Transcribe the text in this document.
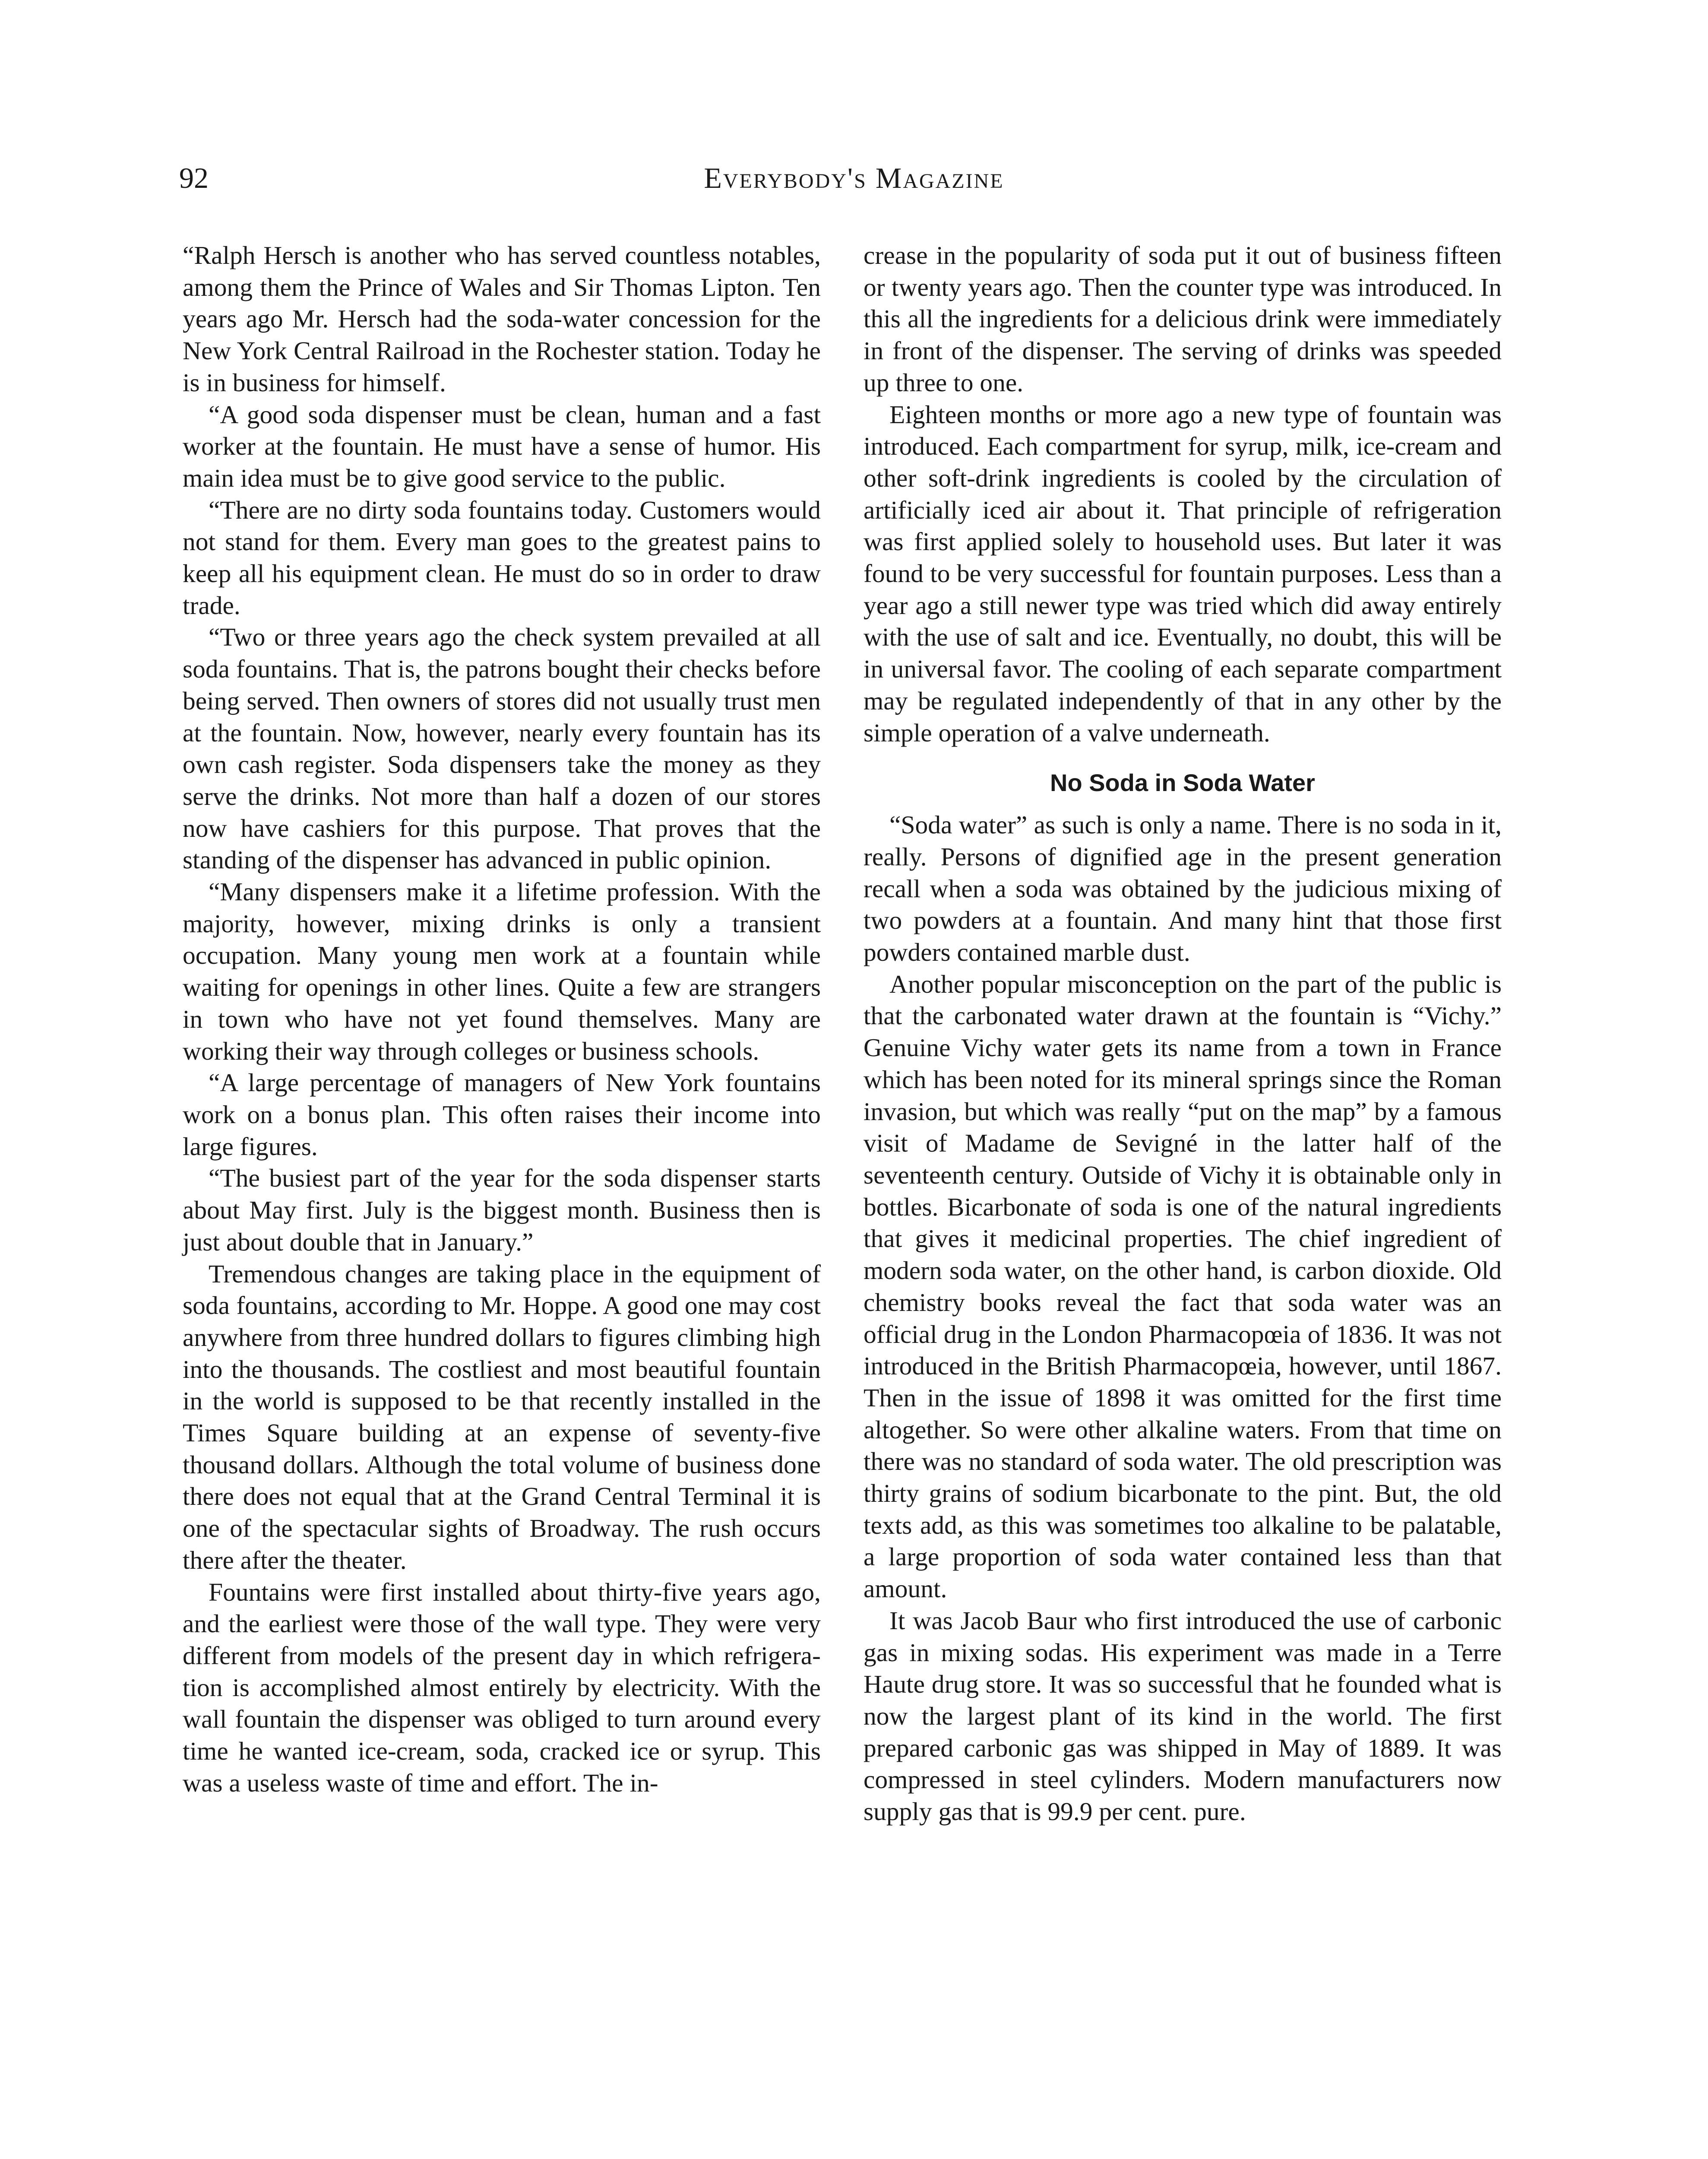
92	Everybody's Magazine

“Ralph Hersch is another who has served countless notables, among them the Prince of Wales and Sir Thomas Lipton. Ten years ago Mr. Hersch had the soda-water concession for the New York Central Railroad in the Rochester station. Today he is in business for himself.

“A good soda dispenser must be clean, human and a fast worker at the fountain. He must have a sense of humor. His main idea must be to give good service to the public.

“There are no dirty soda fountains today. Customers would not stand for them. Every man goes to the greatest pains to keep all his equipment clean. He must do so in order to draw trade.

“Two or three years ago the check system prevailed at all soda fountains. That is, the patrons bought their checks before being served. Then owners of stores did not usually trust men at the fountain. Now, however, nearly every fountain has its own cash register. Soda dispensers take the money as they serve the drinks. Not more than half a dozen of our stores now have cashiers for this purpose. That proves that the standing of the dispenser has advanced in public opinion.

“Many dispensers make it a lifetime profession. With the majority, however, mixing drinks is only a transient occupation. Many young men work at a fountain while waiting for openings in other lines. Quite a few are strangers in town who have not yet found themselves. Many are working their way through colleges or business schools.

“A large percentage of managers of New York fountains work on a bonus plan. This often raises their income into large figures.

“The busiest part of the year for the soda dispenser starts about May first. July is the biggest month. Business then is just about double that in January.”

Tremendous changes are taking place in the equipment of soda fountains, according to Mr. Hoppe. A good one may cost anywhere from three hundred dollars to figures climbing high into the thousands. The costliest and most beautiful fountain in the world is supposed to be that recently installed in the Times Square building at an expense of seventy-five thousand dollars. Although the total volume of business done there does not equal that at the Grand Central Terminal it is one of the spectacular sights of Broadway. The rush occurs there after the theater.

Fountains were first installed about thirty-five years ago, and the earliest were those of the wall type. They were very different from models of the present day in which refrigeration is accomplished almost entirely by electricity. With the wall fountain the dispenser was obliged to turn around every time he wanted ice-cream, soda, cracked ice or syrup. This was a useless waste of time and effort. The in-

crease in the popularity of soda put it out of business fifteen or twenty years ago. Then the counter type was introduced. In this all the ingredients for a delicious drink were immediately in front of the dispenser. The serving of drinks was speeded up three to one.

Eighteen months or more ago a new type of fountain was introduced. Each compartment for syrup, milk, ice-cream and other soft-drink ingredients is cooled by the circulation of artificially iced air about it. That principle of refrigeration was first applied solely to household uses. But later it was found to be very successful for fountain purposes. Less than a year ago a still newer type was tried which did away entirely with the use of salt and ice. Eventually, no doubt, this will be in universal favor. The cooling of each separate compartment may be regulated independently of that in any other by the simple operation of a valve underneath.

No Soda in Soda Water

“Soda water” as such is only a name. There is no soda in it, really. Persons of dignified age in the present generation recall when a soda was obtained by the judicious mixing of two powders at a fountain. And many hint that those first powders contained marble dust.

Another popular misconception on the part of the public is that the carbonated water drawn at the fountain is “Vichy.” Genuine Vichy water gets its name from a town in France which has been noted for its mineral springs since the Roman invasion, but which was really “put on the map” by a famous visit of Madame de Sevigné in the latter half of the seventeenth century. Outside of Vichy it is obtainable only in bottles. Bicarbonate of soda is one of the natural ingredients that gives it medicinal properties. The chief ingredient of modern soda water, on the other hand, is carbon dioxide. Old chemistry books reveal the fact that soda water was an official drug in the London Pharmacopœia of 1836. It was not introduced in the British Pharmacopœia, however, until 1867. Then in the issue of 1898 it was omitted for the first time altogether. So were other alkaline waters. From that time on there was no standard of soda water. The old prescription was thirty grains of sodium bicarbonate to the pint. But, the old texts add, as this was sometimes too alkaline to be palatable, a large proportion of soda water contained less than that amount.

It was Jacob Baur who first introduced the use of carbonic gas in mixing sodas. His experiment was made in a Terre Haute drug store. It was so successful that he founded what is now the largest plant of its kind in the world. The first prepared carbonic gas was shipped in May of 1889. It was compressed in steel cylinders. Modern manufacturers now supply gas that is 99.9 per cent. pure.
